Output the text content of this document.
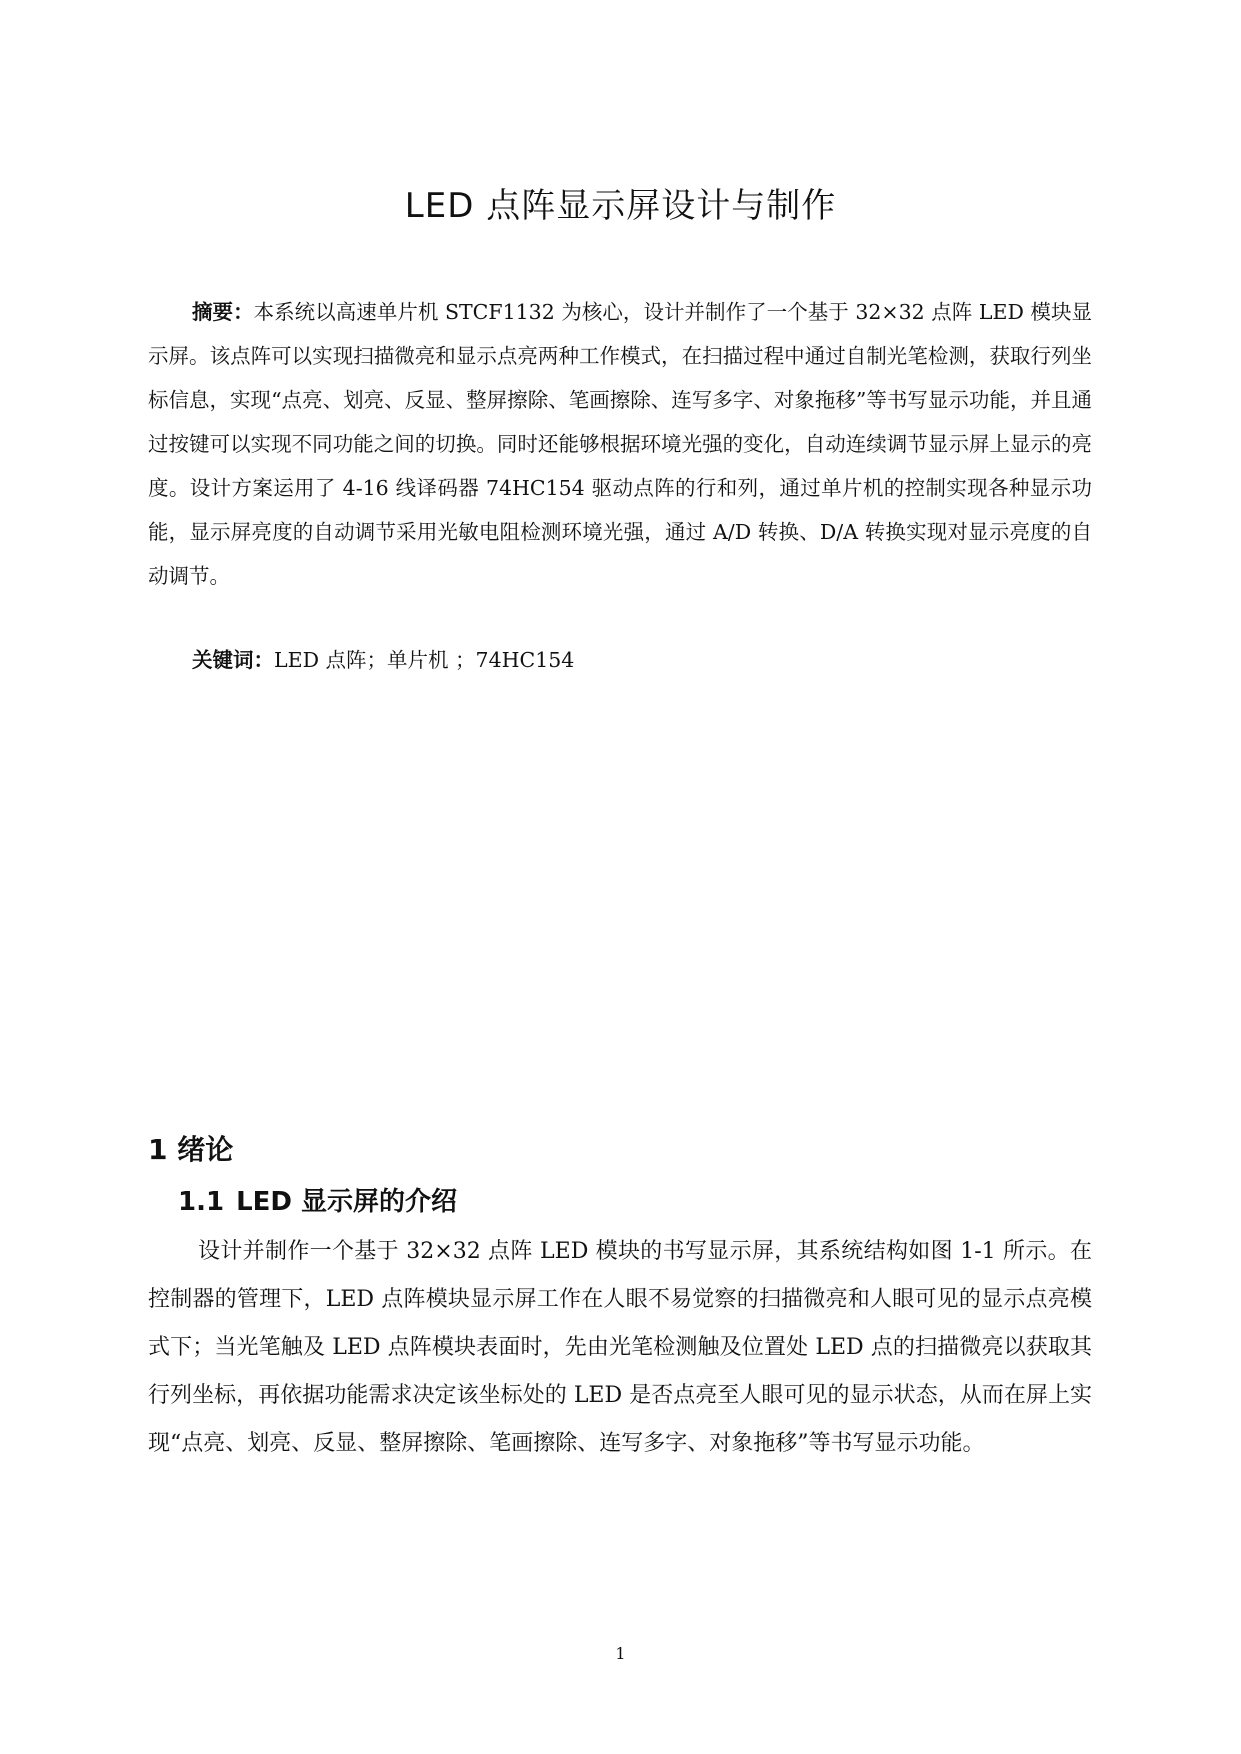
LED 点阵显示屏设计与制作

摘要：本系统以高速单片机 STCF1132 为核心，设计并制作了一个基于 32×32 点阵 LED 模块显示屏。该点阵可以实现扫描微亮和显示点亮两种工作模式，在扫描过程中通过自制光笔检测，获取行列坐标信息，实现“点亮、划亮、反显、整屏擦除、笔画擦除、连写多字、对象拖移”等书写显示功能，并且通过按键可以实现不同功能之间的切换。同时还能够根据环境光强的变化，自动连续调节显示屏上显示的亮度。设计方案运用了 4-16 线译码器 74HC154 驱动点阵的行和列，通过单片机的控制实现各种显示功能，显示屏亮度的自动调节采用光敏电阻检测环境光强，通过 A/D 转换、D/A 转换实现对显示亮度的自动调节。

关键词：LED 点阵；单片机 ；74HC154

1 绪论
1.1 LED 显示屏的介绍

设计并制作一个基于 32×32 点阵 LED 模块的书写显示屏，其系统结构如图 1-1 所示。在控制器的管理下，LED 点阵模块显示屏工作在人眼不易觉察的扫描微亮和人眼可见的显示点亮模式下；当光笔触及 LED 点阵模块表面时，先由光笔检测触及位置处 LED 点的扫描微亮以获取其行列坐标，再依据功能需求决定该坐标处的 LED 是否点亮至人眼可见的显示状态，从而在屏上实现“点亮、划亮、反显、整屏擦除、笔画擦除、连写多字、对象拖移”等书写显示功能。

1
